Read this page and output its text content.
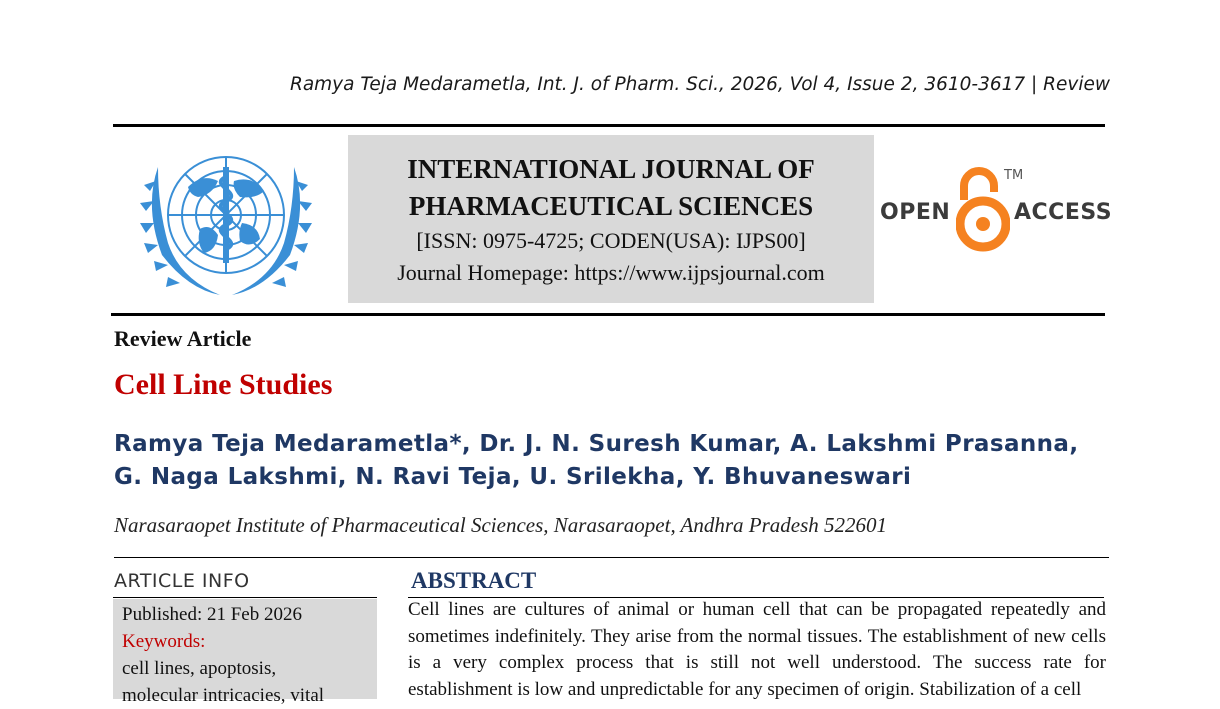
Ramya Teja Medarametla, Int. J. of Pharm. Sci., 2026, Vol 4, Issue 2, 3610-3617 | Review
INTERNATIONAL JOURNAL OF
PHARMACEUTICAL SCIENCES
[ISSN: 0975-4725; CODEN(USA): IJPS00]
Journal Homepage: https://www.ijpsjournal.com
OPEN
TM
ACCESS
Review Article
Cell Line Studies
Ramya Teja Medarametla*, Dr. J. N. Suresh Kumar, A. Lakshmi Prasanna, G. Naga Lakshmi, N. Ravi Teja, U. Srilekha, Y. Bhuvaneswari
Narasaraopet Institute of Pharmaceutical Sciences, Narasaraopet, Andhra Pradesh 522601
ARTICLE INFO
Published: 21 Feb 2026
Keywords:
cell lines, apoptosis,
molecular intricacies, vital
ABSTRACT
Cell lines are cultures of animal or human cell that can be propagated repeatedly and sometimes indefinitely. They arise from the normal tissues. The establishment of new cells is a very complex process that is still not well understood. The success rate for establishment is low and unpredictable for any specimen of origin. Stabilization of a cell
